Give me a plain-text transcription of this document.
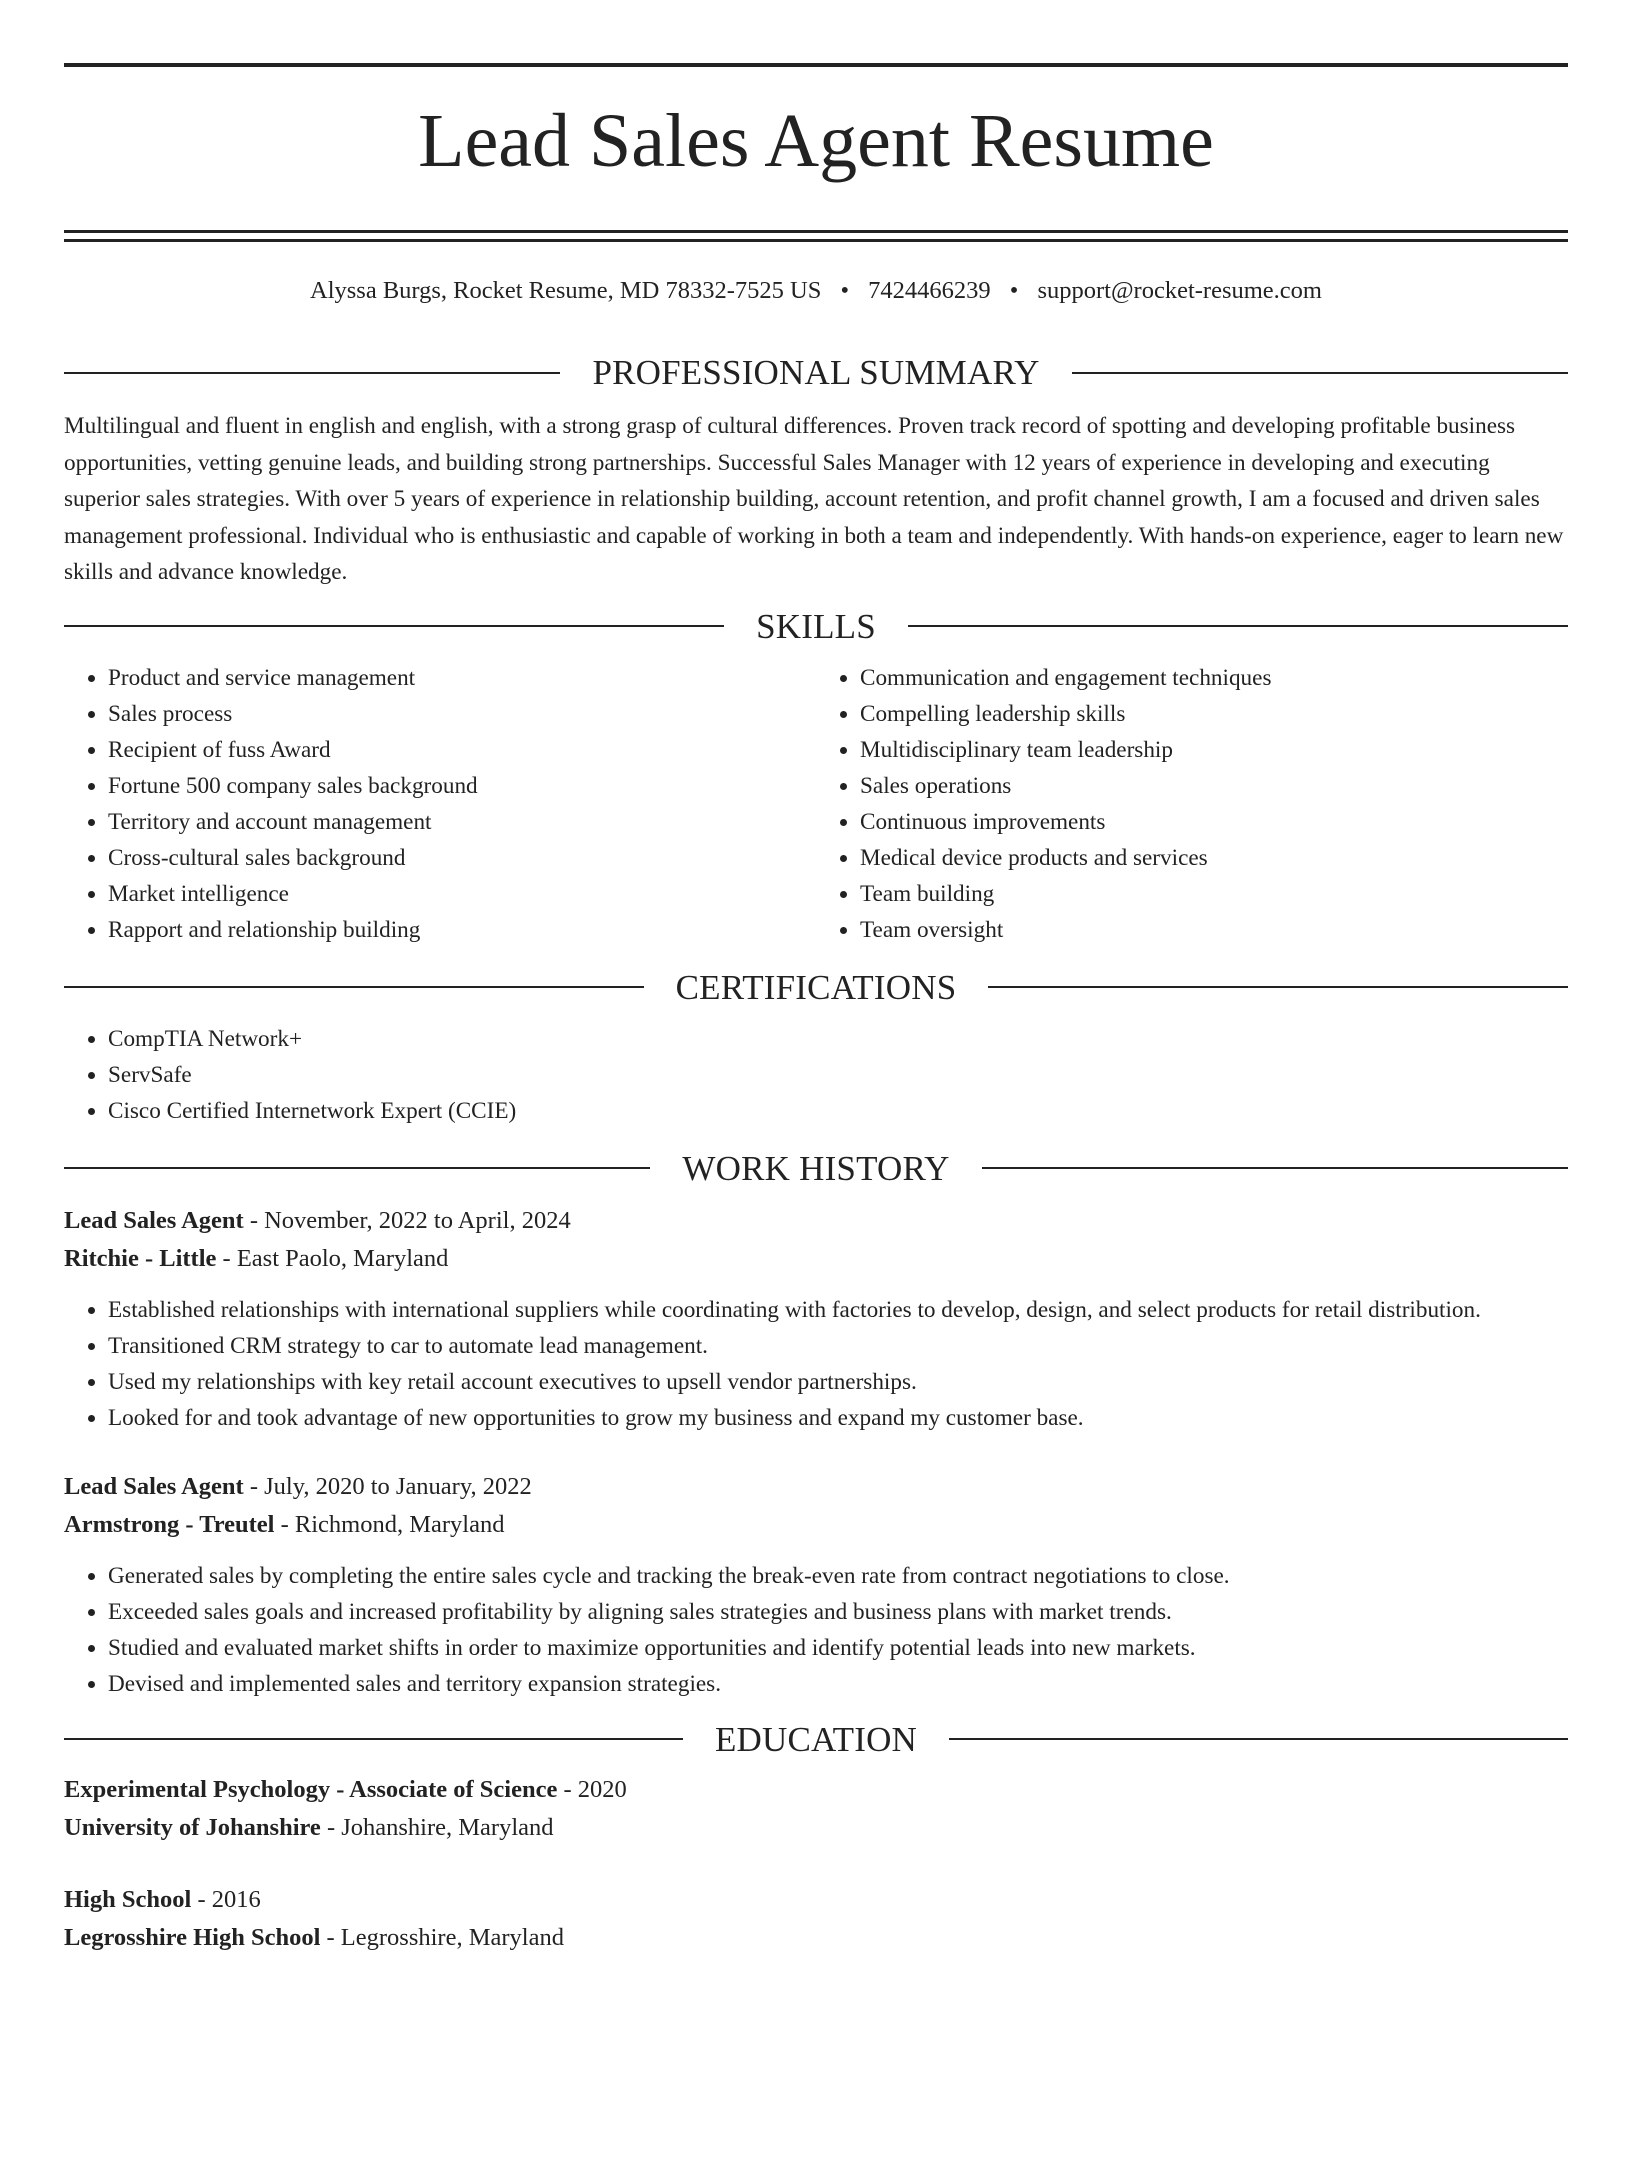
Lead Sales Agent Resume
Alyssa Burgs, Rocket Resume, MD 78332-7525 US • 7424466239 • support@rocket-resume.com
PROFESSIONAL SUMMARY

Multilingual and fluent in english and english, with a strong grasp of cultural differences. Proven track record of spotting and developing profitable business opportunities, vetting genuine leads, and building strong partnerships. Successful Sales Manager with 12 years of experience in developing and executing superior sales strategies. With over 5 years of experience in relationship building, account retention, and profit channel growth, I am a focused and driven sales management professional. Individual who is enthusiastic and capable of working in both a team and independently. With hands-on experience, eager to learn new skills and advance knowledge.

SKILLS
• Product and service management
• Sales process
• Recipient of fuss Award
• Fortune 500 company sales background
• Territory and account management
• Cross-cultural sales background
• Market intelligence
• Rapport and relationship building
• Communication and engagement techniques
• Compelling leadership skills
• Multidisciplinary team leadership
• Sales operations
• Continuous improvements
• Medical device products and services
• Team building
• Team oversight
CERTIFICATIONS
• CompTIA Network+
• ServSafe
• Cisco Certified Internetwork Expert (CCIE)
WORK HISTORY
Lead Sales Agent - November, 2022 to April, 2024
Ritchie - Little - East Paolo, Maryland
• Established relationships with international suppliers while coordinating with factories to develop, design, and select products for retail distribution.
• Transitioned CRM strategy to car to automate lead management.
• Used my relationships with key retail account executives to upsell vendor partnerships.
• Looked for and took advantage of new opportunities to grow my business and expand my customer base.
Lead Sales Agent - July, 2020 to January, 2022
Armstrong - Treutel - Richmond, Maryland
• Generated sales by completing the entire sales cycle and tracking the break-even rate from contract negotiations to close.
• Exceeded sales goals and increased profitability by aligning sales strategies and business plans with market trends.
• Studied and evaluated market shifts in order to maximize opportunities and identify potential leads into new markets.
• Devised and implemented sales and territory expansion strategies.
EDUCATION
Experimental Psychology - Associate of Science - 2020
University of Johanshire - Johanshire, Maryland
High School - 2016
Legrosshire High School - Legrosshire, Maryland
